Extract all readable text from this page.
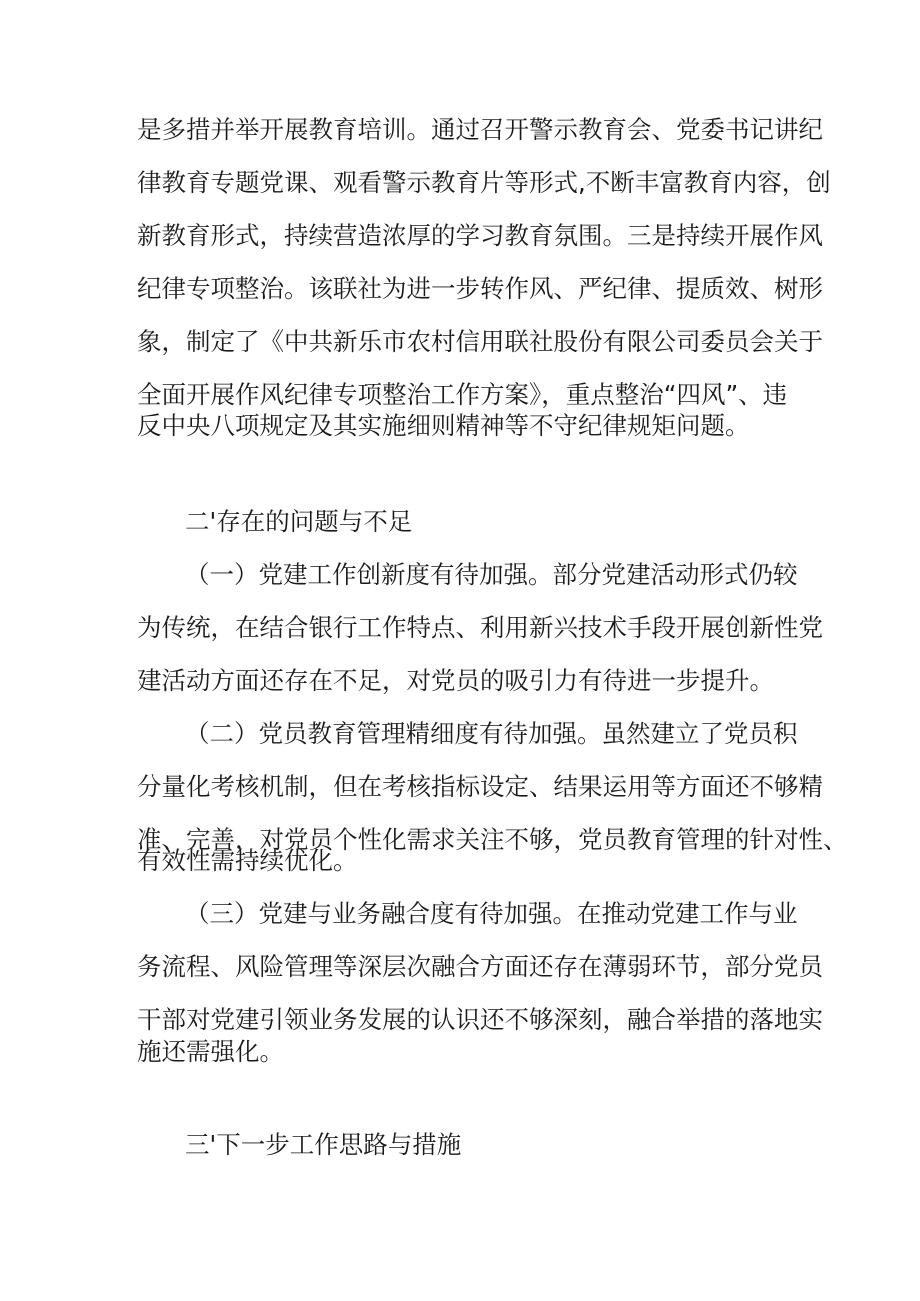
是多措并举开展教育培训。通过召开警示教育会、党委书记讲纪
律教育专题党课、观看警示教育片等形式,不断丰富教育内容，创
新教育形式，持续营造浓厚的学习教育氛围。三是持续开展作风
纪律专项整治。该联社为进一步转作风、严纪律、提质效、树形
象，制定了《中共新乐市农村信用联社股份有限公司委员会关于
全面开展作风纪律专项整治工作方案》，重点整治“四风”、违
反中央八项规定及其实施细则精神等不守纪律规矩问题。
二'存在的问题与不足
（一）党建工作创新度有待加强。部分党建活动形式仍较
为传统，在结合银行工作特点、利用新兴技术手段开展创新性党
建活动方面还存在不足，对党员的吸引力有待进一步提升。
（二）党员教育管理精细度有待加强。虽然建立了党员积
分量化考核机制，但在考核指标设定、结果运用等方面还不够精
准、完善，对党员个性化需求关注不够，党员教育管理的针对性、
有效性需持续优化。
（三）党建与业务融合度有待加强。在推动党建工作与业
务流程、风险管理等深层次融合方面还存在薄弱环节，部分党员
干部对党建引领业务发展的认识还不够深刻，融合举措的落地实
施还需强化。
三'下一步工作思路与措施
